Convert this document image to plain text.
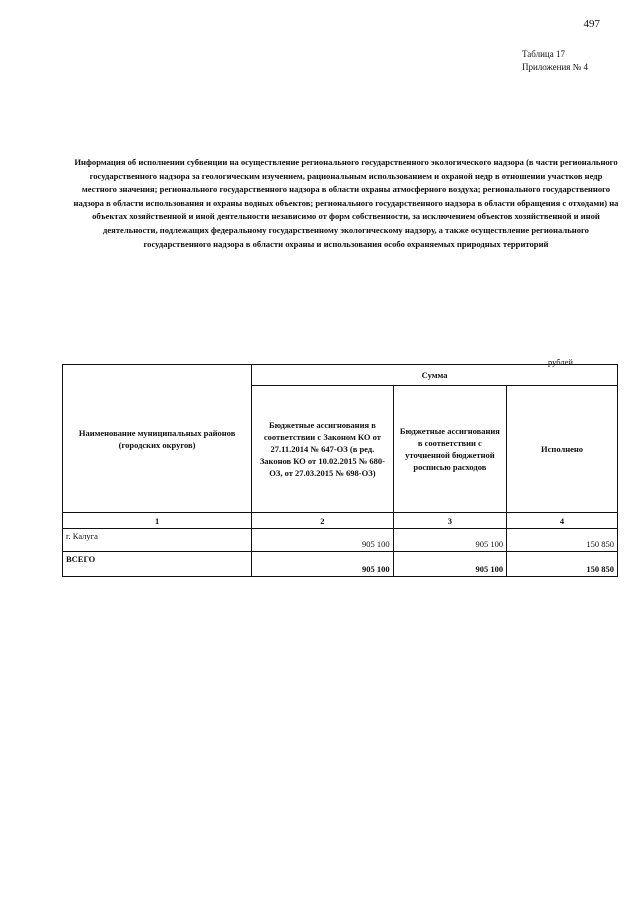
497
Таблица 17
Приложения № 4
Информация об исполнении субвенции на осуществление регионального государственного экологического надзора (в части регионального государственного надзора за геологическим изучением, рациональным использованием и охраной недр в отношении участков недр местного значения; регионального государственного надзора в области охраны атмосферного воздуха; регионального государственного надзора в области использования и охраны водных объектов; регионального государственного надзора в области обращения с отходами) на объектах хозяйственной и иной деятельности независимо от форм собственности, за исключением объектов хозяйственной и иной деятельности, подлежащих федеральному государственному экологическому надзору, а также осуществление регионального государственного надзора в области охраны и использования особо охраняемых природных территорий
рублей
Наименование муниципальных районов (городских округов)	Сумма		
	Бюджетные ассигнования в соответствии с Законом КО от 27.11.2014 № 647-ОЗ (в ред. Законов КО от 10.02.2015 № 680-ОЗ, от 27.03.2015 № 698-ОЗ)	Бюджетные ассигнования в соответствии с уточненной бюджетной росписью расходов	Исполнено
1	2	3	4
г. Калуга	905 100	905 100	150 850
ВСЕГО	905 100	905 100	150 850
